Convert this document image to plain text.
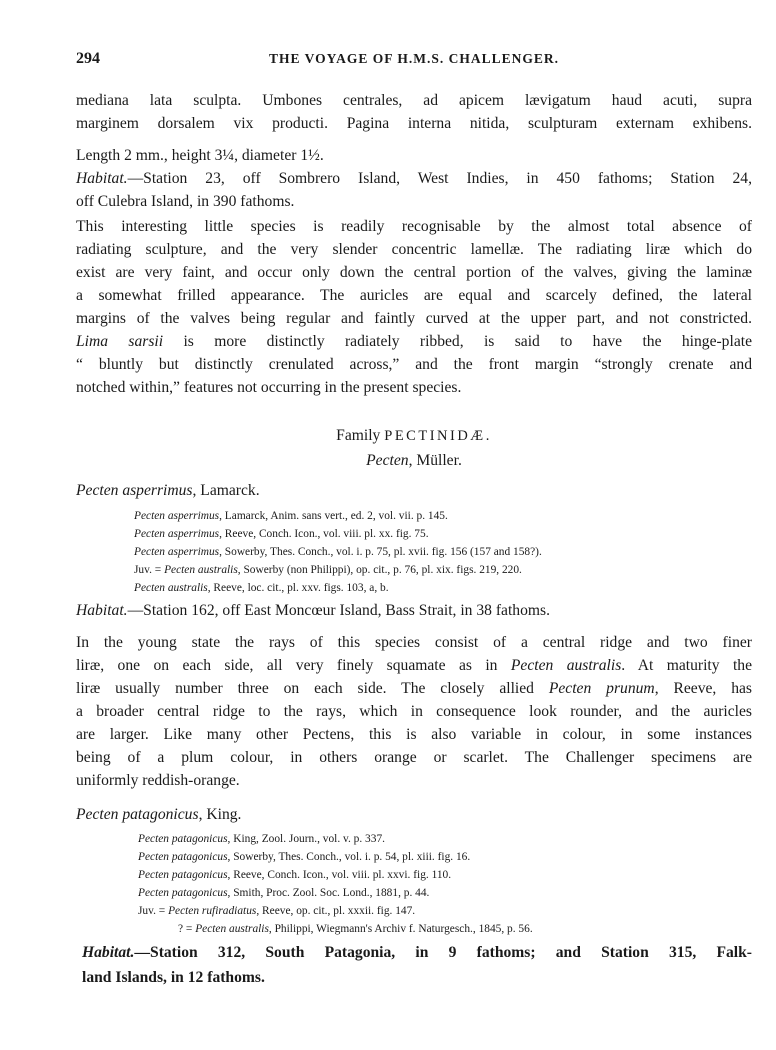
294	THE VOYAGE OF H.M.S. CHALLENGER.
mediana lata sculpta. Umbones centrales, ad apicem lævigatum haud acuti, supra
marginem dorsalem vix producti. Pagina interna nitida, sculpturam externam exhibens.
Length 2 mm., height 3¼, diameter 1½.
Habitat.—Station 23, off Sombrero Island, West Indies, in 450 fathoms; Station 24,
off Culebra Island, in 390 fathoms.
This interesting little species is readily recognisable by the almost total absence of
radiating sculpture, and the very slender concentric lamellæ. The radiating liræ which do
exist are very faint, and occur only down the central portion of the valves, giving the laminæ
a somewhat frilled appearance. The auricles are equal and scarcely defined, the lateral
margins of the valves being regular and faintly curved at the upper part, and not constricted.
Lima sarsii is more distinctly radiately ribbed, is said to have the hinge-plate
“ bluntly but distinctly crenulated across,” and the front margin “strongly crenate and
notched within,” features not occurring in the present species.
Family PECTINIDÆ.
Pecten, Müller.
Pecten asperrimus, Lamarck.
Pecten asperrimus, Lamarck, Anim. sans vert., ed. 2, vol. vii. p. 145.
Pecten asperrimus, Reeve, Conch. Icon., vol. viii. pl. xx. fig. 75.
Pecten asperrimus, Sowerby, Thes. Conch., vol. i. p. 75, pl. xvii. fig. 156 (157 and 158?).
Juv. = Pecten australis, Sowerby (non Philippi), op. cit., p. 76, pl. xix. figs. 219, 220.
Pecten australis, Reeve, loc. cit., pl. xxv. figs. 103, a, b.
Habitat.—Station 162, off East Moncœur Island, Bass Strait, in 38 fathoms.
In the young state the rays of this species consist of a central ridge and two finer
liræ, one on each side, all very finely squamate as in Pecten australis. At maturity the
liræ usually number three on each side. The closely allied Pecten prunum, Reeve, has
a broader central ridge to the rays, which in consequence look rounder, and the auricles
are larger. Like many other Pectens, this is also variable in colour, in some instances
being of a plum colour, in others orange or scarlet. The Challenger specimens are
uniformly reddish-orange.
Pecten patagonicus, King.
Pecten patagonicus, King, Zool. Journ., vol. v. p. 337.
Pecten patagonicus, Sowerby, Thes. Conch., vol. i. p. 54, pl. xiii. fig. 16.
Pecten patagonicus, Reeve, Conch. Icon., vol. viii. pl. xxvi. fig. 110.
Pecten patagonicus, Smith, Proc. Zool. Soc. Lond., 1881, p. 44.
Juv. = Pecten rufiradiatus, Reeve, op. cit., pl. xxxii. fig. 147.
? = Pecten australis, Philippi, Wiegmann's Archiv f. Naturgesch., 1845, p. 56.
Habitat.—Station 312, South Patagonia, in 9 fathoms; and Station 315, Falk-
land Islands, in 12 fathoms.
